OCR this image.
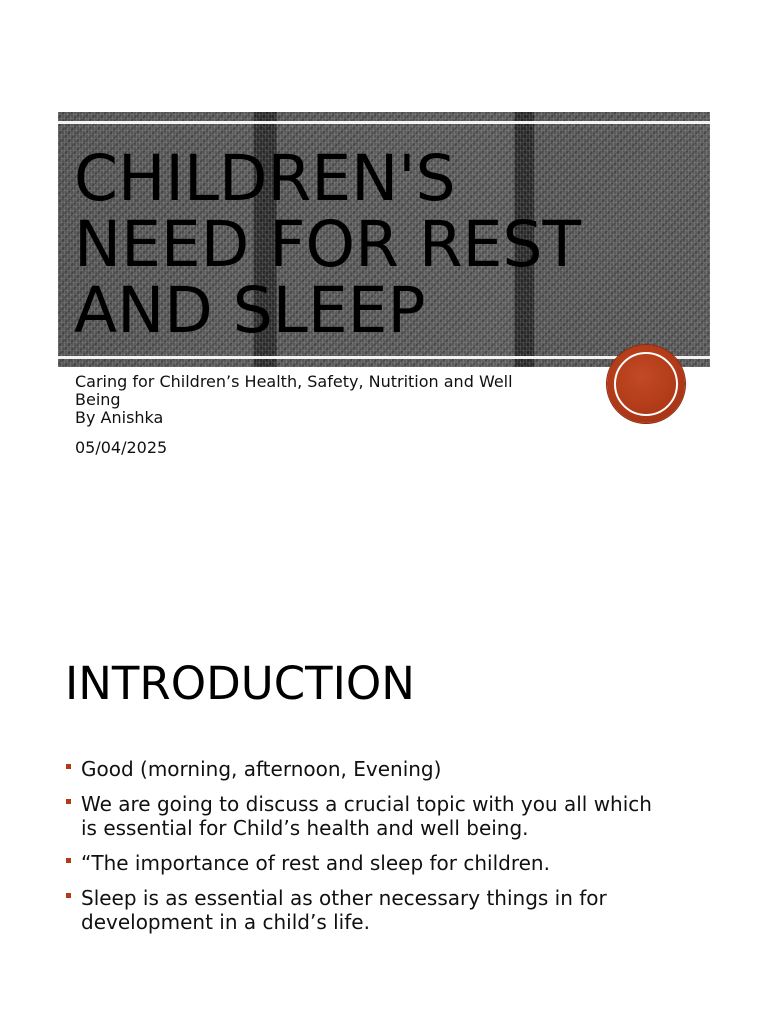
CHILDREN'S
NEED FOR REST
AND SLEEP
Caring for Children’s Health, Safety, Nutrition and Well
Being
By Anishka
05/04/2025
INTRODUCTION
Good (morning, afternoon, Evening)
We are going to discuss a crucial topic with you all which
is essential for Child’s health and well being.
“The importance of rest and sleep for children.
Sleep is as essential as other necessary things in for
development in a child’s life.
